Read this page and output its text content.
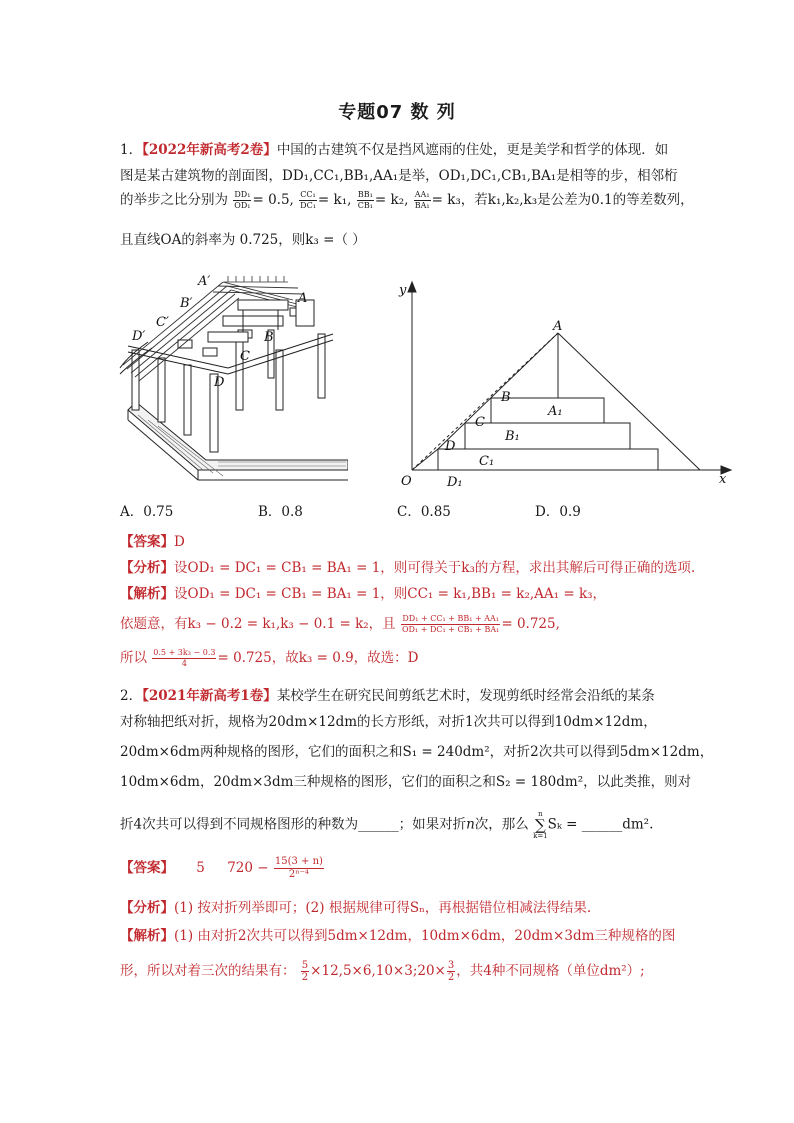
专题07 数 列
1．【2022年新高考2卷】中国的古建筑不仅是挡风遮雨的住处，更是美学和哲学的体现．如
图是某古建筑物的剖面图，DD₁,CC₁,BB₁,AA₁是举，OD₁,DC₁,CB₁,BA₁是相等的步，相邻桁
的举步之比分别为 $\frac{\text{DD₁}}{\text{OD₁}} = 0.5$, $\frac{\text{CC₁}}{\text{DC₁}} = k_1$, $\frac{\text{BB₁}}{\text{CB₁}} = k_2$, $\frac{\text{AA₁}}{\text{BA₁}} = k_3$，若k₁,k₂,k₃是公差为0.1的等差数列，
且直线OA的斜率为 0.725，则k₃ =（ ）
A′
B′
C′
D′
A
B
C
D
y
x
O
A
B
C
D
A₁
B₁
C₁
D₁
A．0.75	B．0.8	C．0.85	D．0.9
【答案】D
【分析】设OD₁ = DC₁ = CB₁ = BA₁ = 1，则可得关于k₃的方程，求出其解后可得正确的选项.
【解析】设OD₁ = DC₁ = CB₁ = BA₁ = 1，则CC₁ = k₁,BB₁ = k₂,AA₁ = k₃，
依题意，有k₃ − 0.2 = k₁,k₃ − 0.1 = k₂，且 $\frac{\text{DD₁ + CC₁ + BB₁ + AA₁}}{\text{OD₁ + DC₁ + CB₁ + BA₁}} = 0.725$,
所以 $\frac{\text{0.5 + 3k₃ − 0.3}}{4} = 0.725$，故k₃ = 0.9，故选：D
2．【2021年新高考1卷】某校学生在研究民间剪纸艺术时，发现剪纸时经常会沿纸的某条
对称轴把纸对折，规格为20dm×12dm的长方形纸，对折1次共可以得到10dm×12dm，
20dm×6dm两种规格的图形，它们的面积之和S₁ = 240dm²，对折2次共可以得到5dm×12dm，
10dm×6dm，20dm×3dm三种规格的图形，它们的面积之和S₂ = 180dm²，以此类推，则对
折4次共可以得到不同规格图形的种数为______；如果对折n次，那么
n
∑
k=1
Sₖ = ______dm².
【答案】 5 $720 - \frac{15(3 + n)}{\text{2ⁿ⁻⁴}}$
【分析】(1) 按对折列举即可；(2) 根据规律可得Sₙ，再根据错位相减法得结果.
【解析】(1) 由对折2次共可以得到5dm×12dm，10dm×6dm，20dm×3dm三种规格的图
形，所以对着三次的结果有： $\frac{5}{2}$ ×12,5×6,10×3;20× $\frac{3}{2}$ ，共4种不同规格（单位dm²）;
